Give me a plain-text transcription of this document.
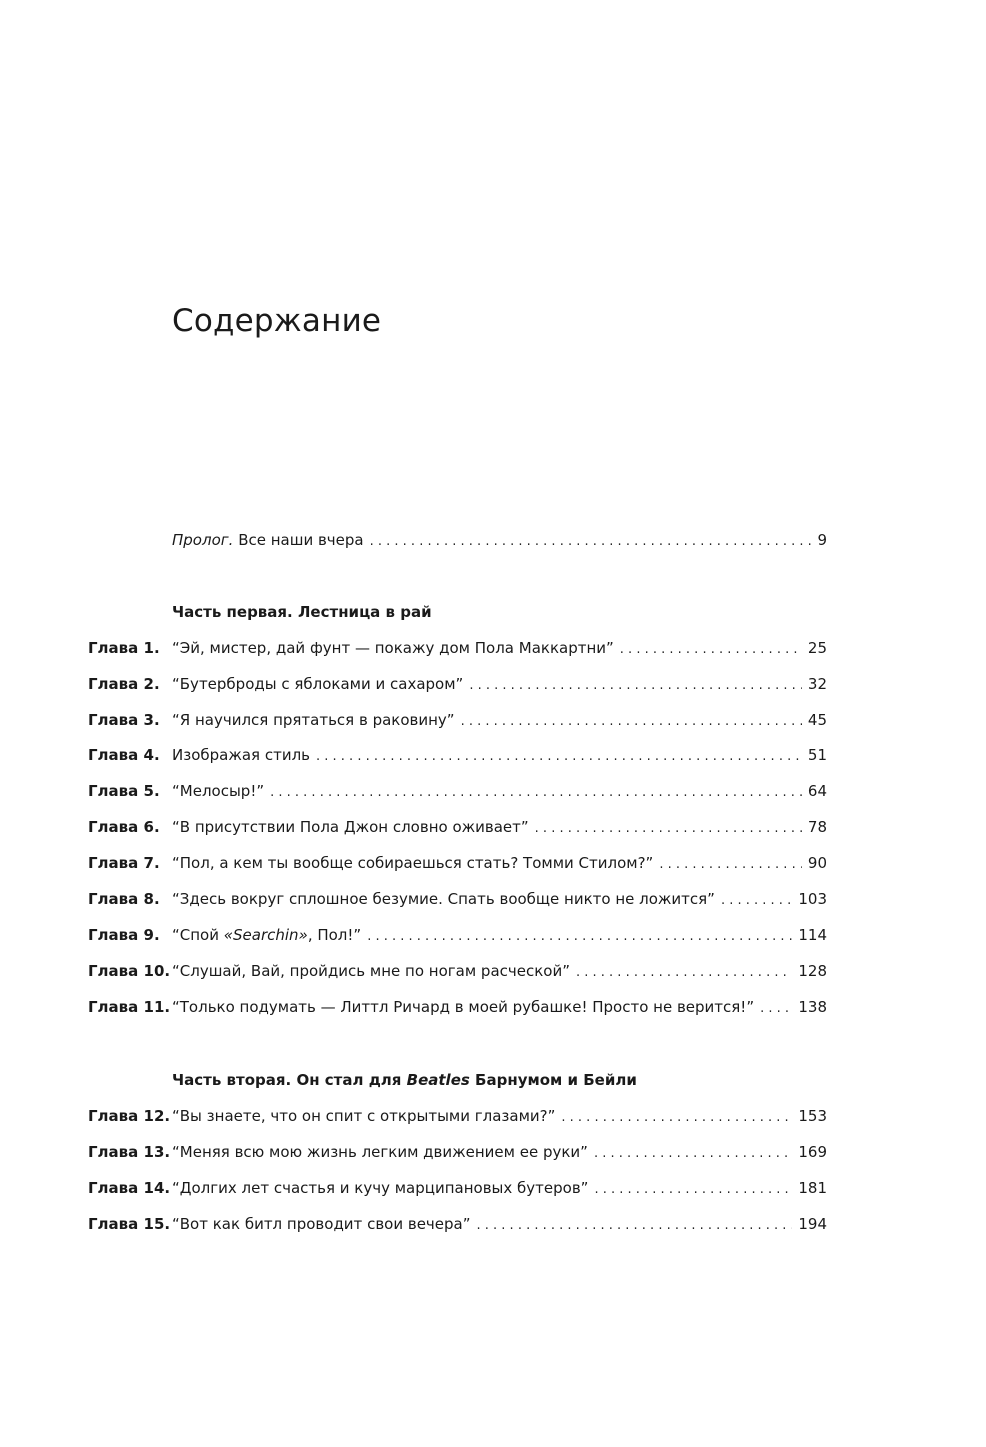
Содержание
Пролог. Все наши вчера . . .	9
Часть первая. Лестница в рай
Глава 1. “Эй, мистер, дай фунт — покажу дом Пола Маккартни” . . .	25
Глава 2. “Бутерброды с яблоками и сахаром” . . .	32
Глава 3. “Я научился прятаться в раковину” . . .	45
Глава 4. Изображая стиль . . .	51
Глава 5. “Мелосыр!” . . .	64
Глава 6. “В присутствии Пола Джон словно оживает” . . .	78
Глава 7. “Пол, а кем ты вообще собираешься стать? Томми Стилом?” . . .	90
Глава 8. “Здесь вокруг сплошное безумие. Спать вообще никто не ложится” . . .	103
Глава 9. “Спой «Searchin», Пол!” . . .	114
Глава 10. “Слушай, Вай, пройдись мне по ногам расческой” . . .	128
Глава 11. “Только подумать — Литтл Ричард в моей рубашке! Просто не верится!” . . .	138
Часть вторая. Он стал для Beatles Барнумом и Бейли
Глава 12. “Вы знаете, что он спит с открытыми глазами?” . . .	153
Глава 13. “Меняя всю мою жизнь легким движением ее руки” . . .	169
Глава 14. “Долгих лет счастья и кучу марципановых бутеров” . . .	181
Глава 15. “Вот как битл проводит свои вечера” . . .	194
